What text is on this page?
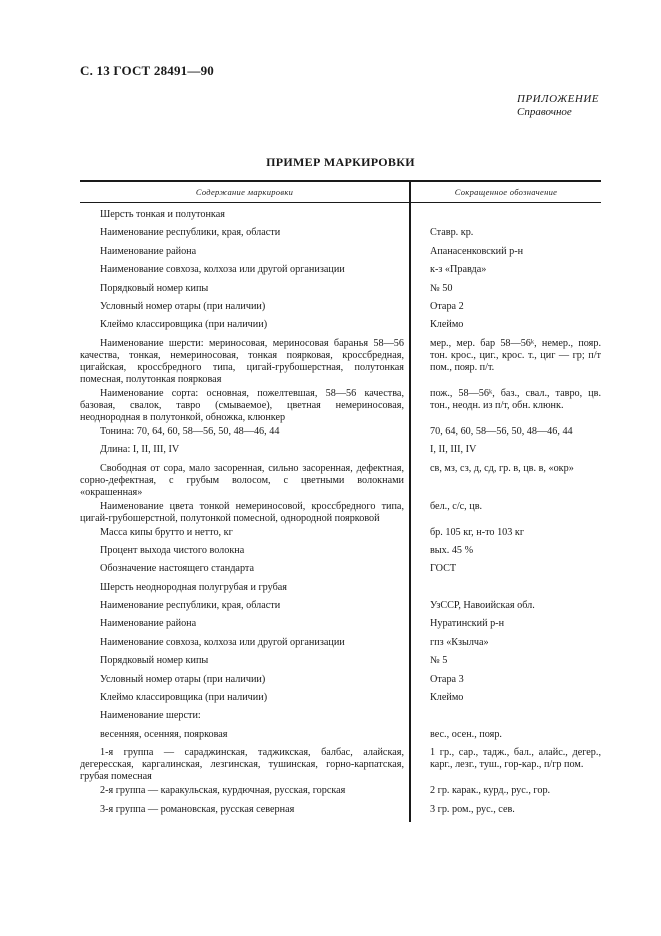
С. 13 ГОСТ 28491—90
ПРИЛОЖЕНИЕ
Справочное
ПРИМЕР МАРКИРОВКИ
Содержание маркировки	Сокращенное обозначение

Шерсть тонкая и полутонкая	

Наименование республики, края, области	Ставр. кр.

Наименование района	Апанасенковский р-н

Наименование совхоза, колхоза или другой организации	к-з «Правда»

Порядковый номер кипы	№ 50

Условный номер отары (при наличии)	Отара 2

Клеймо классировщика (при наличии)	Клеймо

Наименование шерсти: мериносовая, мериносовая баранья 58—56 качества, тонкая, немериносовая, тонкая поярковая, кроссбредная, цигайская, кроссбредного типа, цигай-грубошерстная, полутонкая помесная, полутонкая поярковая	мер., мер. бар 58—56ᵏ, немер., пояр. тон. крос., циг., крос. т., циг — гр; п/т пом., пояр. п/т.

Наименование сорта: основная, пожелтевшая, 58—56 качества, базовая, свалок, тавро (смываемое), цветная немериносовая, неоднородная в полутонкой, обножка, клюнкер	пож., 58—56ᵏ, баз., свал., тавро, цв. тон., неодн. из п/т, обн. клюнк.

Тонина: 70, 64, 60, 58—56, 50, 48—46, 44	70, 64, 60, 58—56, 50, 48—46, 44

Длина: I, II, III, IV	I, II, III, IV

Свободная от сора, мало засоренная, сильно засоренная, дефектная, сорно-дефектная, с грубым волосом, с цветными волокнами «окрашенная»	св, мз, сз, д, сд, гр. в, цв. в, «окр»

Наименование цвета тонкой немериносовой, кроссбредного типа, цигай-грубошерстной, полутонкой помесной, однородной поярковой	бел., с/с, цв.

Масса кипы брутто и нетто, кг	бр. 105 кг, н-то 103 кг

Процент выхода чистого волокна	вых. 45 %

Обозначение настоящего стандарта	ГОСТ

Шерсть неоднородная полугрубая и грубая	

Наименование республики, края, области	УзССР, Навоийская обл.

Наименование района	Нуратинский р-н

Наименование совхоза, колхоза или другой организации	гпз «Кзылча»

Порядковый номер кипы	№ 5

Условный номер отары (при наличии)	Отара 3

Клеймо классировщика (при наличии)	Клеймо

Наименование шерсти:	

весенняя, осенняя, поярковая	вес., осен., пояр.

1-я группа — сараджинская, таджикская, балбас, алайская, дегересская, каргалинская, лезгинская, тушинская, горно-карпатская, грубая помесная	1 гр., сар., тадж., бал., алайс., дегер., карг., лезг., туш., гор-кар., п/гр пом.

2-я группа — каракульская, курдючная, русская, горская	2 гр. карак., курд., рус., гор.

3-я группа — романовская, русская северная	3 гр. ром., рус., сев.
